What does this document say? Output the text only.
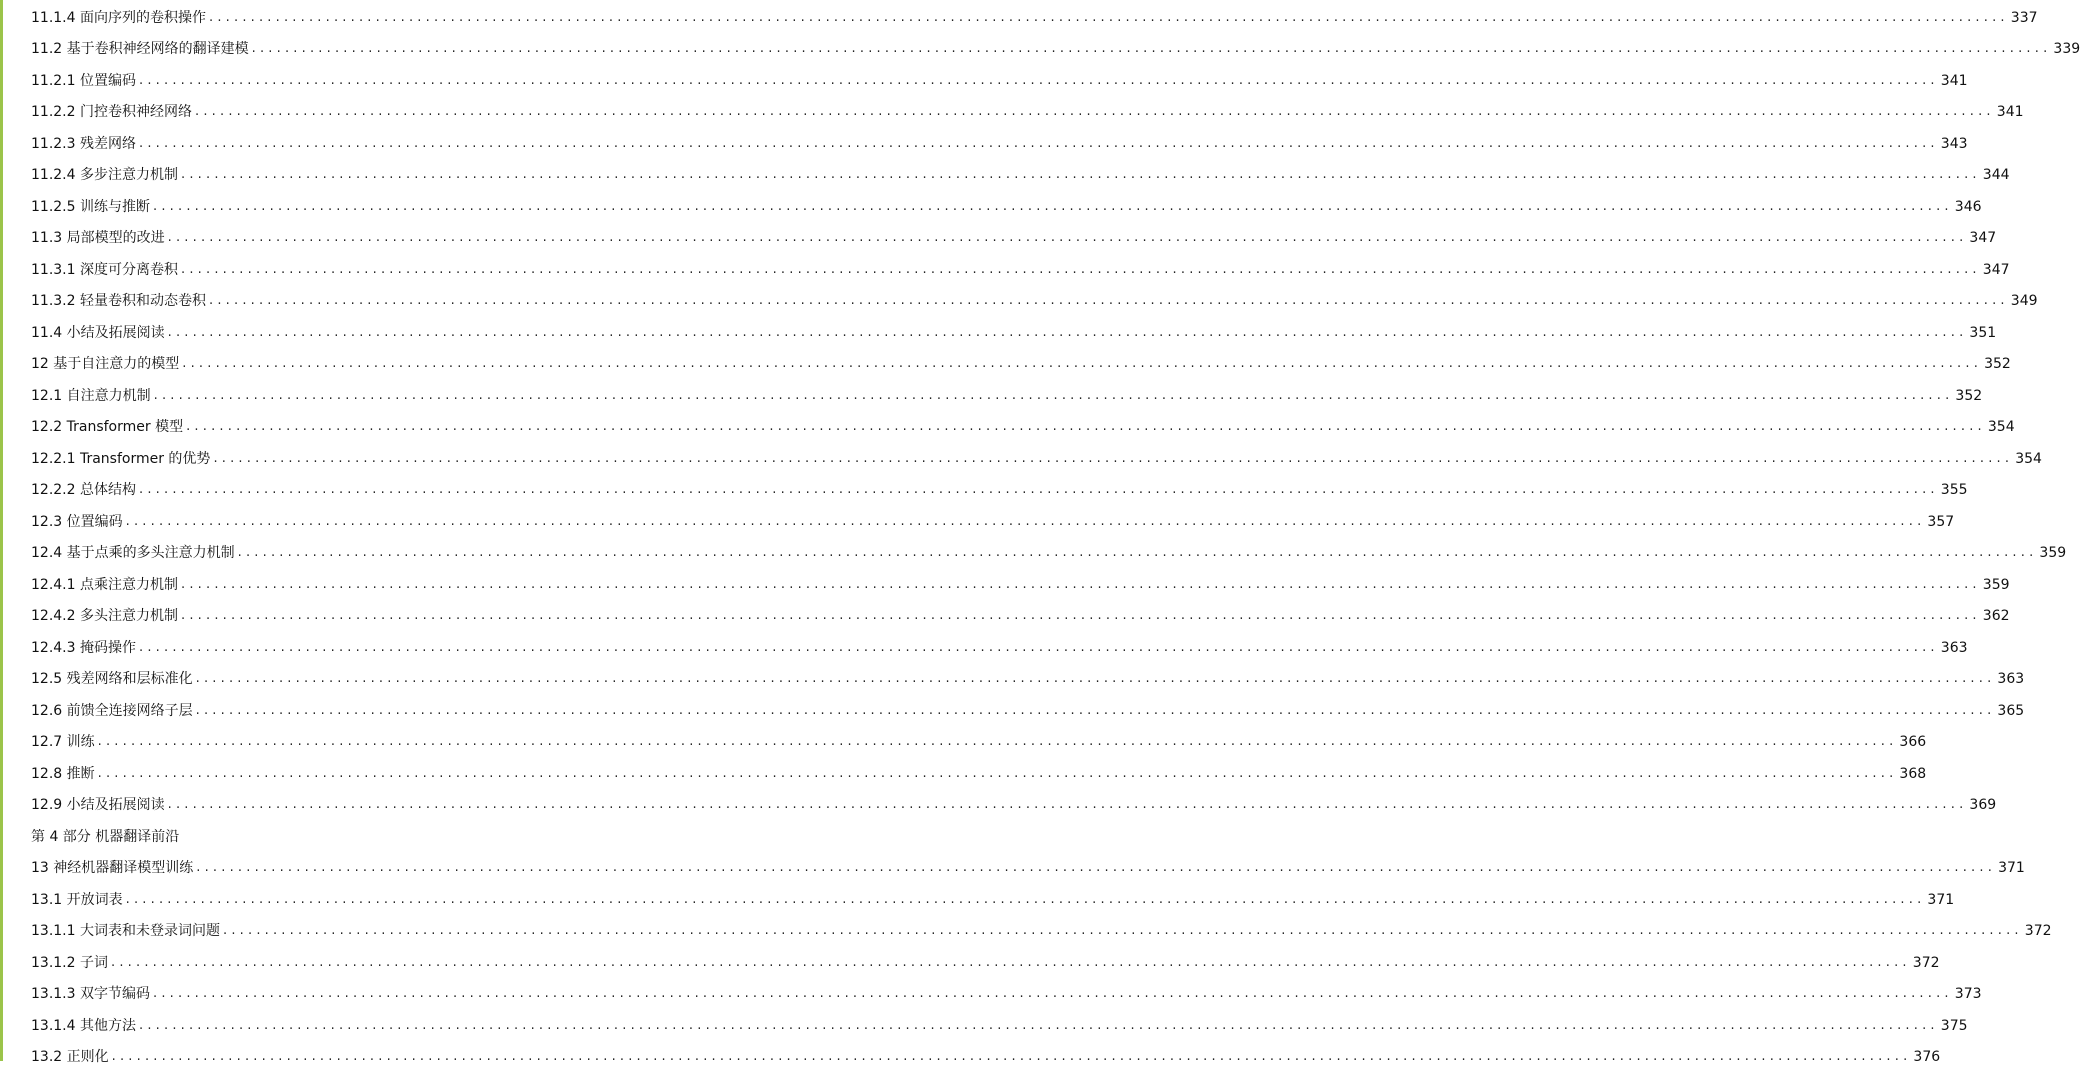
11.1.4 面向序列的卷积操作 ........................................................................................................................................................................................................................ 337
11.2 基于卷积神经网络的翻译建模 ........................................................................................................................................................................................................................ 339
11.2.1 位置编码 ........................................................................................................................................................................................................................ 341
11.2.2 门控卷积神经网络 ........................................................................................................................................................................................................................ 341
11.2.3 残差网络 ........................................................................................................................................................................................................................ 343
11.2.4 多步注意力机制 ........................................................................................................................................................................................................................ 344
11.2.5 训练与推断 ........................................................................................................................................................................................................................ 346
11.3 局部模型的改进 ........................................................................................................................................................................................................................ 347
11.3.1 深度可分离卷积 ........................................................................................................................................................................................................................ 347
11.3.2 轻量卷积和动态卷积 ........................................................................................................................................................................................................................ 349
11.4 小结及拓展阅读 ........................................................................................................................................................................................................................ 351
12 基于自注意力的模型 ........................................................................................................................................................................................................................ 352
12.1 自注意力机制 ........................................................................................................................................................................................................................ 352
12.2 Transformer 模型 ........................................................................................................................................................................................................................ 354
12.2.1 Transformer 的优势 ........................................................................................................................................................................................................................ 354
12.2.2 总体结构 ........................................................................................................................................................................................................................ 355
12.3 位置编码 ........................................................................................................................................................................................................................ 357
12.4 基于点乘的多头注意力机制 ........................................................................................................................................................................................................................ 359
12.4.1 点乘注意力机制 ........................................................................................................................................................................................................................ 359
12.4.2 多头注意力机制 ........................................................................................................................................................................................................................ 362
12.4.3 掩码操作 ........................................................................................................................................................................................................................ 363
12.5 残差网络和层标准化 ........................................................................................................................................................................................................................ 363
12.6 前馈全连接网络子层 ........................................................................................................................................................................................................................ 365
12.7 训练 ........................................................................................................................................................................................................................ 366
12.8 推断 ........................................................................................................................................................................................................................ 368
12.9 小结及拓展阅读 ........................................................................................................................................................................................................................ 369
第 4 部分 机器翻译前沿
13 神经机器翻译模型训练 ........................................................................................................................................................................................................................ 371
13.1 开放词表 ........................................................................................................................................................................................................................ 371
13.1.1 大词表和未登录词问题 ........................................................................................................................................................................................................................ 372
13.1.2 子词 ........................................................................................................................................................................................................................ 372
13.1.3 双字节编码 ........................................................................................................................................................................................................................ 373
13.1.4 其他方法 ........................................................................................................................................................................................................................ 375
13.2 正则化 ........................................................................................................................................................................................................................ 376
